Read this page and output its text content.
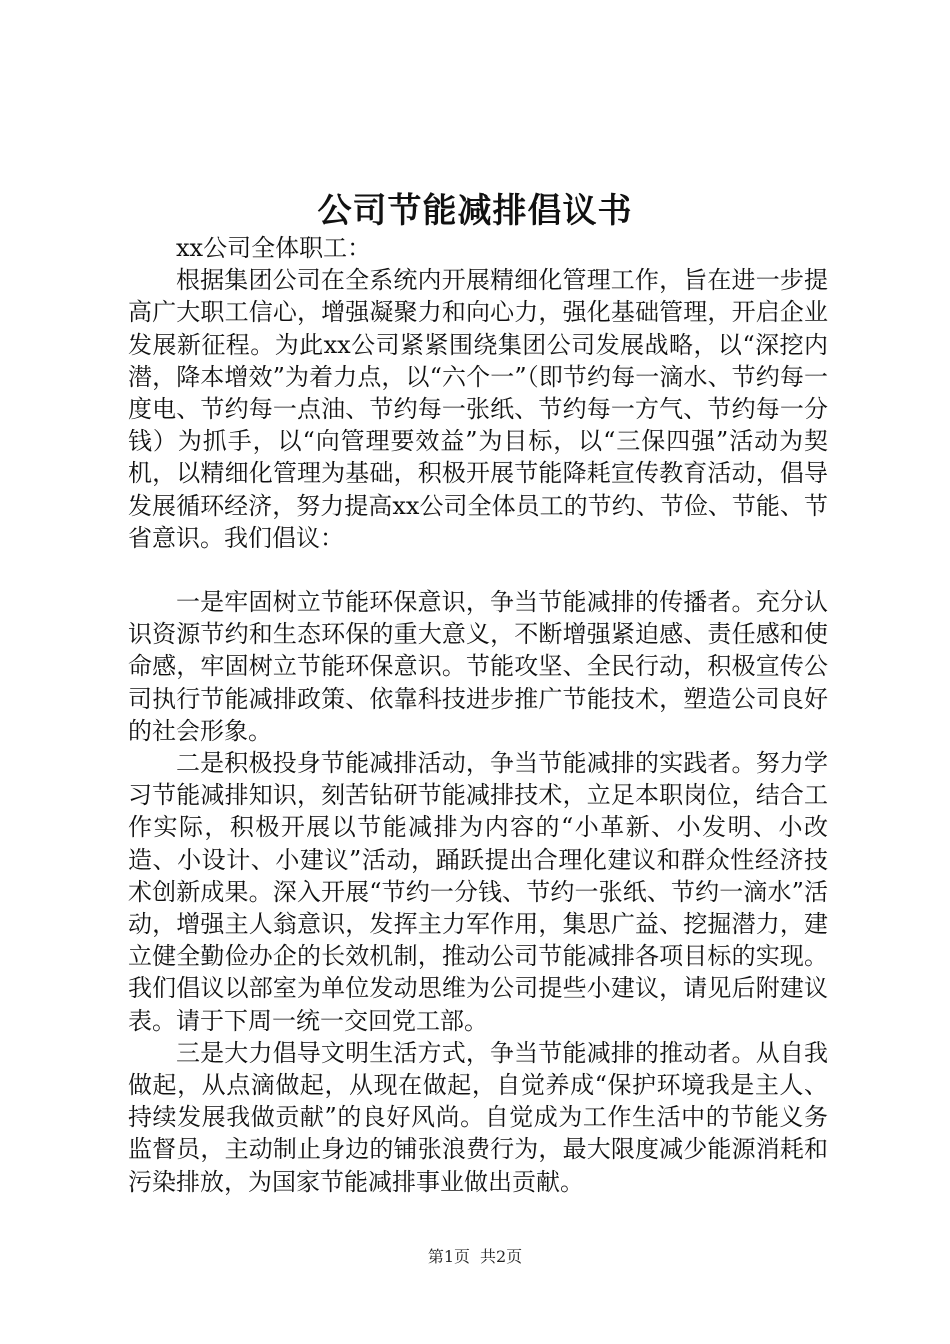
公司节能减排倡议书

xx公司全体职工：

根据集团公司在全系统内开展精细化管理工作，旨在进一步提高广大职工信心，增强凝聚力和向心力，强化基础管理，开启企业发展新征程。为此xx公司紧紧围绕集团公司发展战略，以“深挖内潜，降本增效”为着力点，以“六个一”（即节约每一滴水、节约每一度电、节约每一点油、节约每一张纸、节约每一方气、节约每一分钱）为抓手，以“向管理要效益”为目标，以“三保四强”活动为契机，以精细化管理为基础，积极开展节能降耗宣传教育活动，倡导发展循环经济，努力提高xx公司全体员工的节约、节俭、节能、节省意识。我们倡议：

一是牢固树立节能环保意识，争当节能减排的传播者。充分认识资源节约和生态环保的重大意义，不断增强紧迫感、责任感和使命感，牢固树立节能环保意识。节能攻坚、全民行动，积极宣传公司执行节能减排政策、依靠科技进步推广节能技术，塑造公司良好的社会形象。

二是积极投身节能减排活动，争当节能减排的实践者。努力学习节能减排知识，刻苦钻研节能减排技术，立足本职岗位，结合工作实际，积极开展以节能减排为内容的“小革新、小发明、小改造、小设计、小建议”活动，踊跃提出合理化建议和群众性经济技术创新成果。深入开展“节约一分钱、节约一张纸、节约一滴水”活动，增强主人翁意识，发挥主力军作用，集思广益、挖掘潜力，建立健全勤俭办企的长效机制，推动公司节能减排各项目标的实现。我们倡议以部室为单位发动思维为公司提些小建议，请见后附建议表。请于下周一统一交回党工部。

三是大力倡导文明生活方式，争当节能减排的推动者。从自我做起，从点滴做起，从现在做起，自觉养成“保护环境我是主人、持续发展我做贡献”的良好风尚。自觉成为工作生活中的节能义务监督员，主动制止身边的铺张浪费行为，最大限度减少能源消耗和污染排放，为国家节能减排事业做出贡献。

第1页 共2页
